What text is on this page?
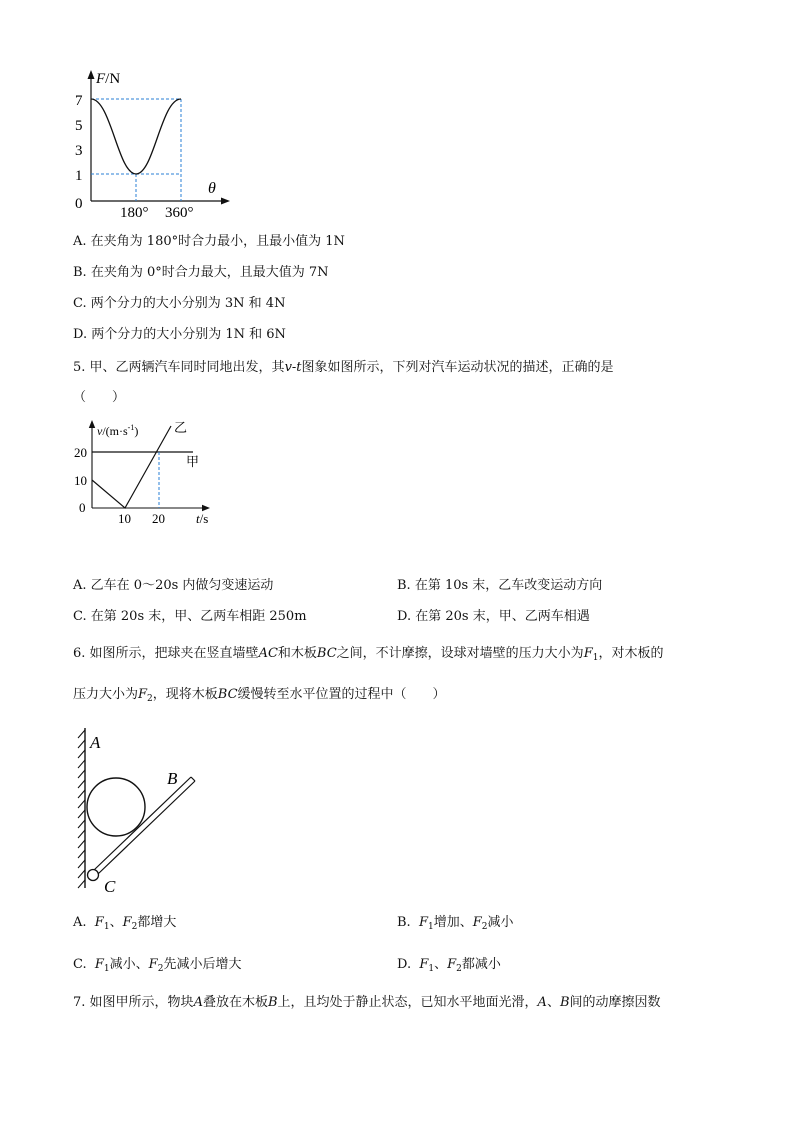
F/N
7
5
3
1
0
180° 360°
θ
A. 在夹角为 180°时合力最小，且最小值为 1N
B. 在夹角为 0°时合力最大，且最大值为 7N
C. 两个分力的大小分别为 3N 和 4N
D. 两个分力的大小分别为 1N 和 6N
5. 甲、乙两辆汽车同时同地出发，其v-t图象如图所示，下列对汽车运动状况的描述，正确的是
（　　）
$v/(m\cdot s^{-1})$
20
10
0
10 20 t/s
甲
乙
A. 乙车在 0～20s 内做匀变速运动	B. 在第 10s 末，乙车改变运动方向
C. 在第 20s 末，甲、乙两车相距 250m	D. 在第 20s 末，甲、乙两车相遇
6. 如图所示，把球夹在竖直墙壁AC和木板BC之间，不计摩擦，设球对墙壁的压力大小为$F_1$，对木板的
压力大小为$F_2$，现将木板BC缓慢转至水平位置的过程中（　　）
A
B
C
A. $F_1$、$F_2$都增大	B. $F_1$增加、$F_2$减小
C. $F_1$减小、$F_2$先减小后增大	D. $F_1$、$F_2$都减小
7. 如图甲所示，物块A叠放在木板B上，且均处于静止状态，已知水平地面光滑，A、B间的动摩擦因数
